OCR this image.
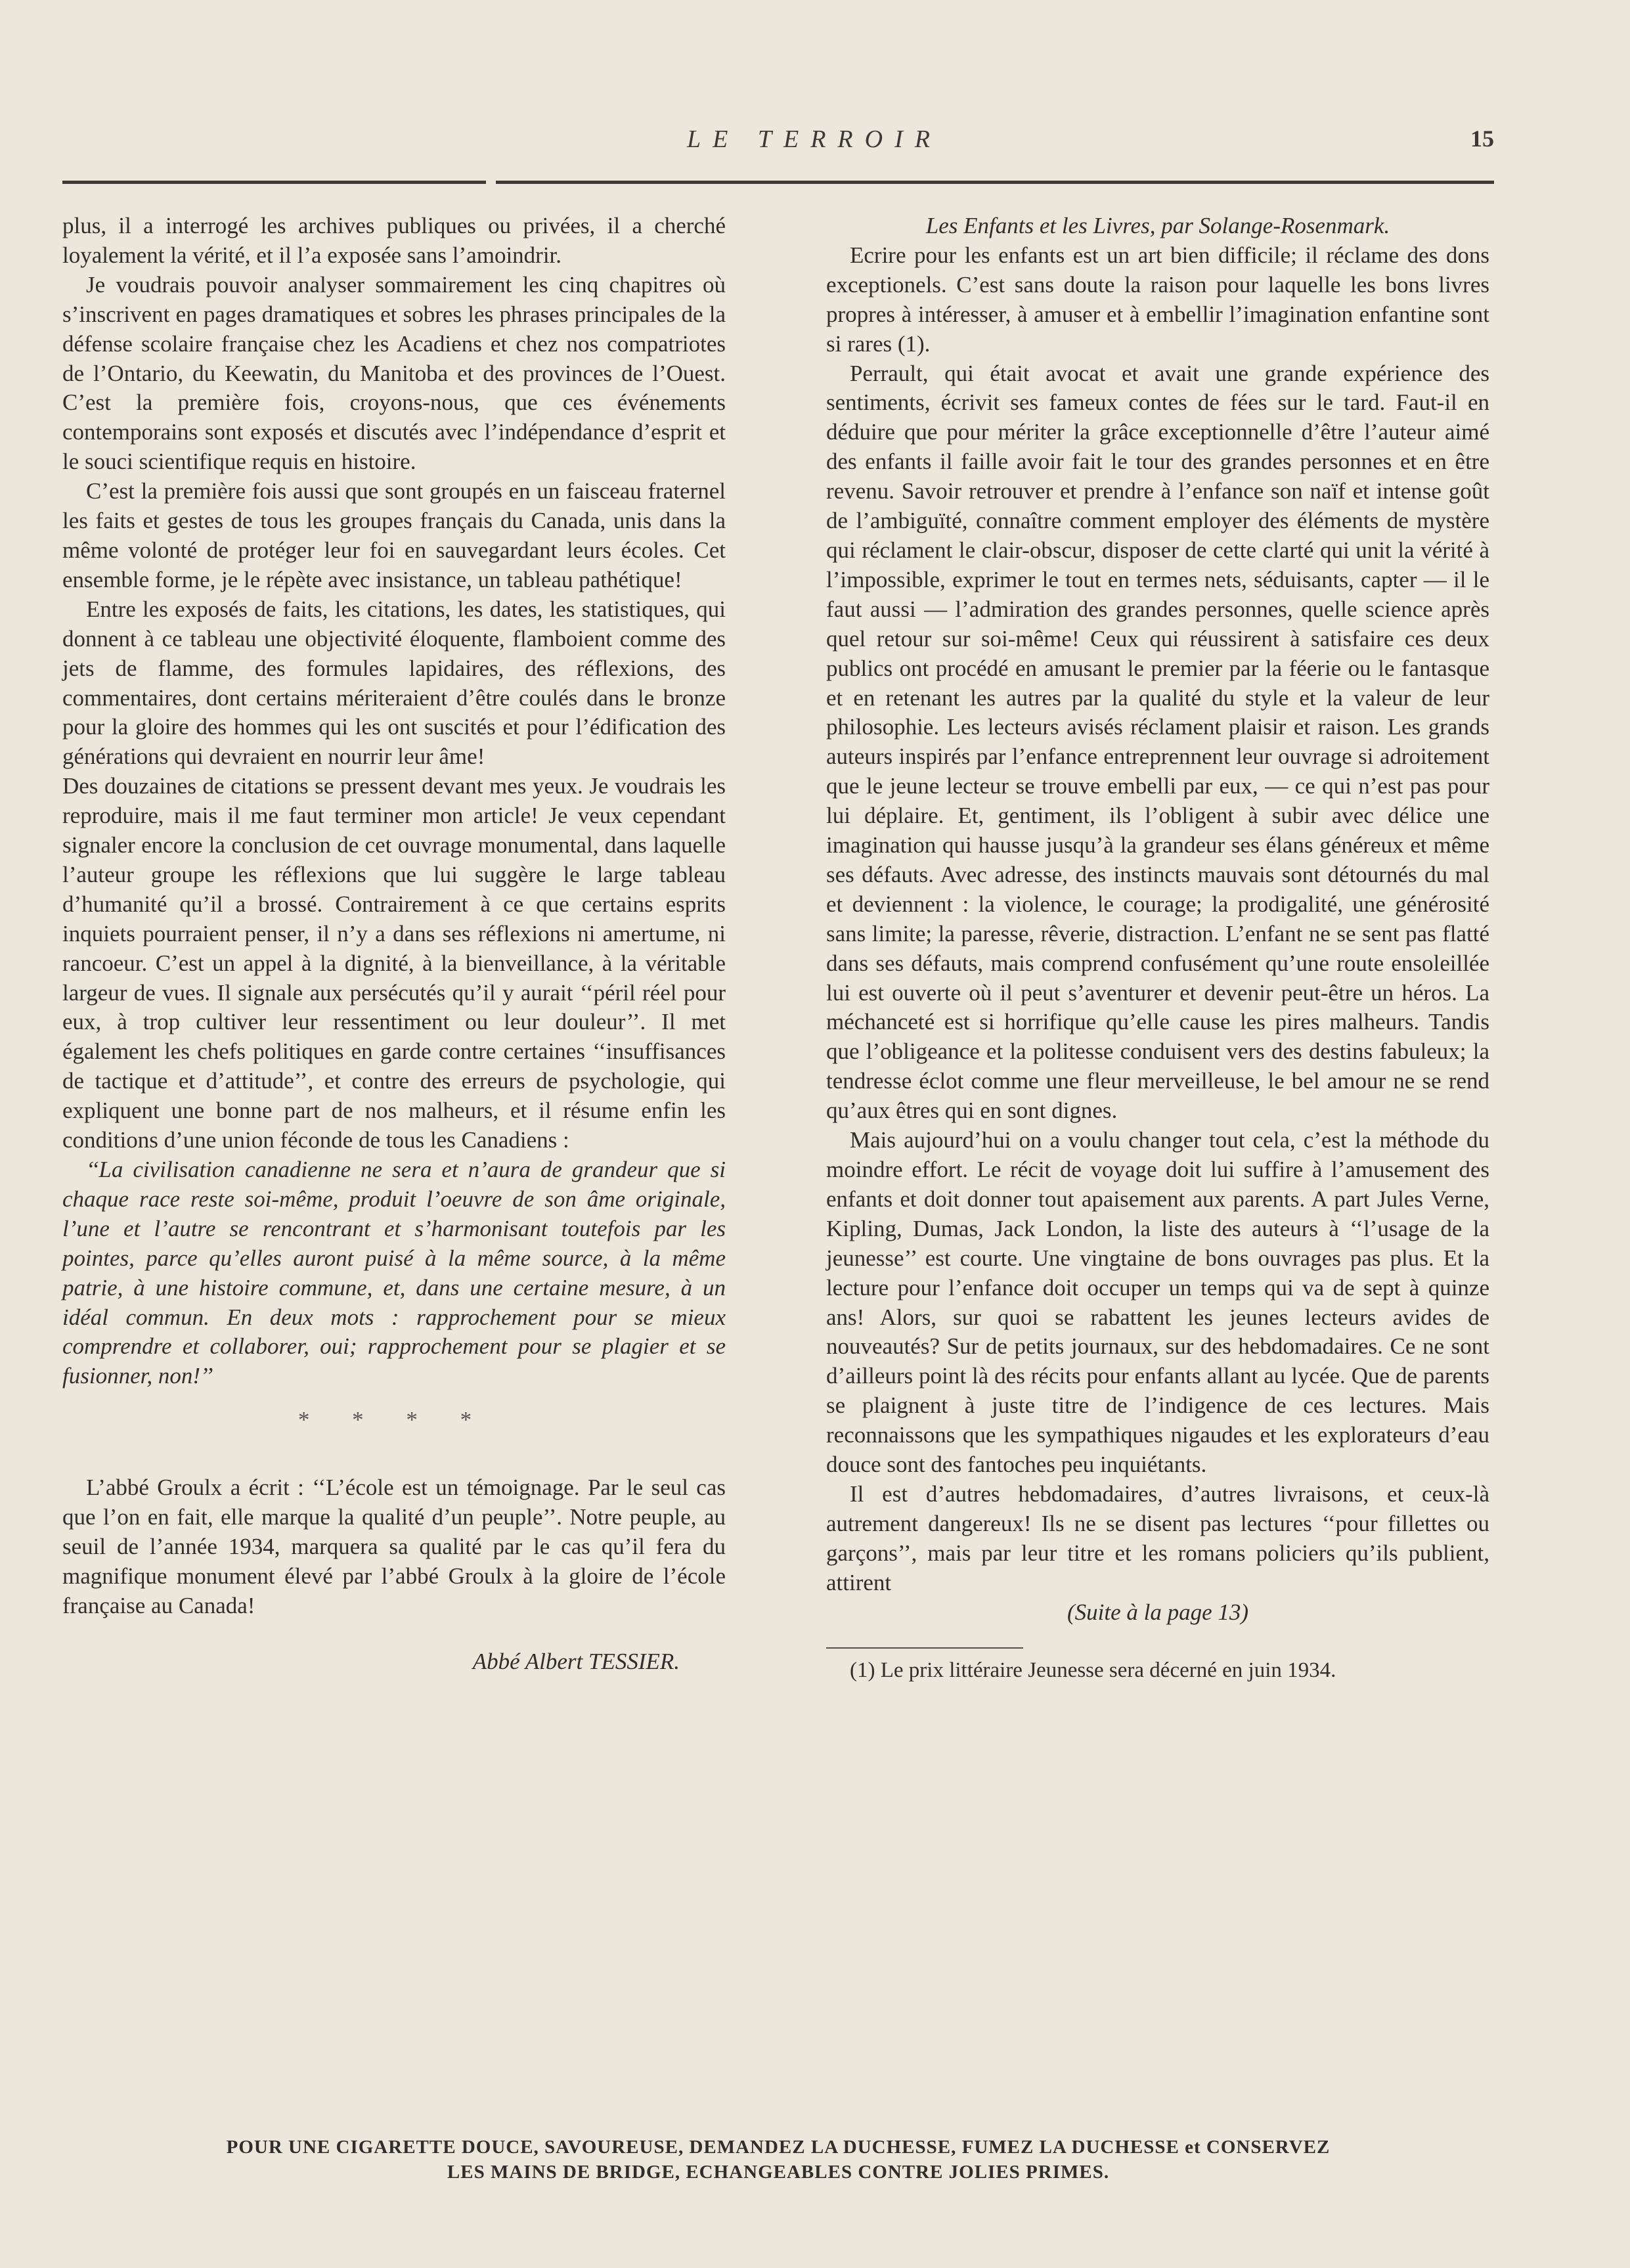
LE TERROIR	15

plus, il a interrogé les archives publiques ou privées, il a cherché loyalement la vérité, et il l’a exposée sans l’amoindrir.

Je voudrais pouvoir analyser sommairement les cinq chapitres où s’inscrivent en pages dramatiques et sobres les phrases principales de la défense scolaire française chez les Acadiens et chez nos compatriotes de l’Ontario, du Keewatin, du Manitoba et des provinces de l’Ouest. C’est la première fois, croyons-nous, que ces événements contemporains sont exposés et discutés avec l’indépendance d’esprit et le souci scientifique requis en histoire.

C’est la première fois aussi que sont groupés en un faisceau fraternel les faits et gestes de tous les groupes français du Canada, unis dans la même volonté de protéger leur foi en sauvegardant leurs écoles. Cet ensemble forme, je le répète avec insistance, un tableau pathétique!

Entre les exposés de faits, les citations, les dates, les statistiques, qui donnent à ce tableau une objectivité éloquente, flamboient comme des jets de flamme, des formules lapidaires, des réflexions, des commentaires, dont certains mériteraient d’être coulés dans le bronze pour la gloire des hommes qui les ont suscités et pour l’édification des générations qui devraient en nourrir leur âme!

Des douzaines de citations se pressent devant mes yeux. Je voudrais les reproduire, mais il me faut terminer mon article! Je veux cependant signaler encore la conclusion de cet ouvrage monumental, dans laquelle l’auteur groupe les réflexions que lui suggère le large tableau d’humanité qu’il a brossé. Contrairement à ce que certains esprits inquiets pourraient penser, il n’y a dans ses réflexions ni amertume, ni rancoeur. C’est un appel à la dignité, à la bienveillance, à la véritable largeur de vues. Il signale aux persécutés qu’il y aurait ‘‘péril réel pour eux, à trop cultiver leur ressentiment ou leur douleur’’. Il met également les chefs politiques en garde contre certaines ‘‘insuffisances de tactique et d’attitude’’, et contre des erreurs de psychologie, qui expliquent une bonne part de nos malheurs, et il résume enfin les conditions d’une union féconde de tous les Canadiens :

‘‘La civilisation canadienne ne sera et n’aura de grandeur que si chaque race reste soi-même, produit l’oeuvre de son âme originale, l’une et l’autre se rencontrant et s’harmonisant toutefois par les pointes, parce qu’elles auront puisé à la même source, à la même patrie, à une histoire commune, et, dans une certaine mesure, à un idéal commun. En deux mots : rapprochement pour se mieux comprendre et collaborer, oui; rapprochement pour se plagier et se fusionner, non!’’

* * * *

L’abbé Groulx a écrit : ‘‘L’école est un témoignage. Par le seul cas que l’on en fait, elle marque la qualité d’un peuple’’. Notre peuple, au seuil de l’année 1934, marquera sa qualité par le cas qu’il fera du magnifique monument élevé par l’abbé Groulx à la gloire de l’école française au Canada!

Abbé Albert TESSIER.

Les Enfants et les Livres, par Solange-Rosenmark.

Ecrire pour les enfants est un art bien difficile; il réclame des dons exceptionels. C’est sans doute la raison pour laquelle les bons livres propres à intéresser, à amuser et à embellir l’imagination enfantine sont si rares (1).

Perrault, qui était avocat et avait une grande expérience des sentiments, écrivit ses fameux contes de fées sur le tard. Faut-il en déduire que pour mériter la grâce exceptionnelle d’être l’auteur aimé des enfants il faille avoir fait le tour des grandes personnes et en être revenu. Savoir retrouver et prendre à l’enfance son naïf et intense goût de l’ambiguïté, connaître comment employer des éléments de mystère qui réclament le clair-obscur, disposer de cette clarté qui unit la vérité à l’impossible, exprimer le tout en termes nets, séduisants, capter — il le faut aussi — l’admiration des grandes personnes, quelle science après quel retour sur soi-même! Ceux qui réussirent à satisfaire ces deux publics ont procédé en amusant le premier par la féerie ou le fantasque et en retenant les autres par la qualité du style et la valeur de leur philosophie. Les lecteurs avisés réclament plaisir et raison. Les grands auteurs inspirés par l’enfance entreprennent leur ouvrage si adroitement que le jeune lecteur se trouve embelli par eux, — ce qui n’est pas pour lui déplaire. Et, gentiment, ils l’obligent à subir avec délice une imagination qui hausse jusqu’à la grandeur ses élans généreux et même ses défauts. Avec adresse, des instincts mauvais sont détournés du mal et deviennent : la violence, le courage; la prodigalité, une générosité sans limite; la paresse, rêverie, distraction. L’enfant ne se sent pas flatté dans ses défauts, mais comprend confusément qu’une route ensoleillée lui est ouverte où il peut s’aventurer et devenir peut-être un héros. La méchanceté est si horrifique qu’elle cause les pires malheurs. Tandis que l’obligeance et la politesse conduisent vers des destins fabuleux; la tendresse éclot comme une fleur merveilleuse, le bel amour ne se rend qu’aux êtres qui en sont dignes.

Mais aujourd’hui on a voulu changer tout cela, c’est la méthode du moindre effort. Le récit de voyage doit lui suffire à l’amusement des enfants et doit donner tout apaisement aux parents. A part Jules Verne, Kipling, Dumas, Jack London, la liste des auteurs à ‘‘l’usage de la jeunesse’’ est courte. Une vingtaine de bons ouvrages pas plus. Et la lecture pour l’enfance doit occuper un temps qui va de sept à quinze ans! Alors, sur quoi se rabattent les jeunes lecteurs avides de nouveautés? Sur de petits journaux, sur des hebdomadaires. Ce ne sont d’ailleurs point là des récits pour enfants allant au lycée. Que de parents se plaignent à juste titre de l’indigence de ces lectures. Mais reconnaissons que les sympathiques nigaudes et les explorateurs d’eau douce sont des fantoches peu inquiétants.

Il est d’autres hebdomadaires, d’autres livraisons, et ceux-là autrement dangereux! Ils ne se disent pas lectures ‘‘pour fillettes ou garçons’’, mais par leur titre et les romans policiers qu’ils publient, attirent

(Suite à la page 13)

(1) Le prix littéraire Jeunesse sera décerné en juin 1934.

POUR UNE CIGARETTE DOUCE, SAVOUREUSE, DEMANDEZ LA DUCHESSE, FUMEZ LA DUCHESSE et CONSERVEZ
LES MAINS DE BRIDGE, ECHANGEABLES CONTRE JOLIES PRIMES.
